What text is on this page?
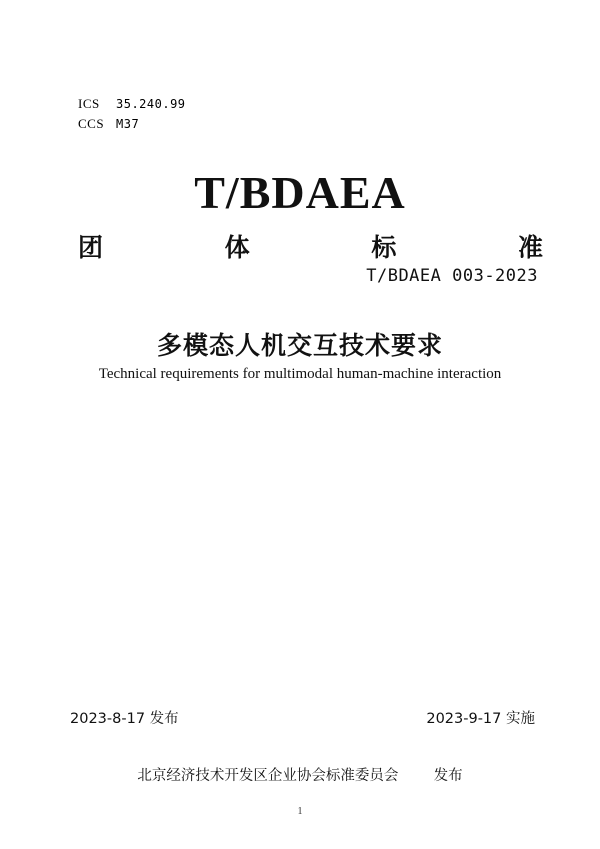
ICS	35.240.99
CCS M37
T/BDAEA
团	体	标	准
T/BDAEA 003-2023
多模态人机交互技术要求
Technical requirements for multimodal human-machine interaction
2023-8-17 发布	2023-9-17 实施
北京经济技术开发区企业协会标准委员会 发布
1
